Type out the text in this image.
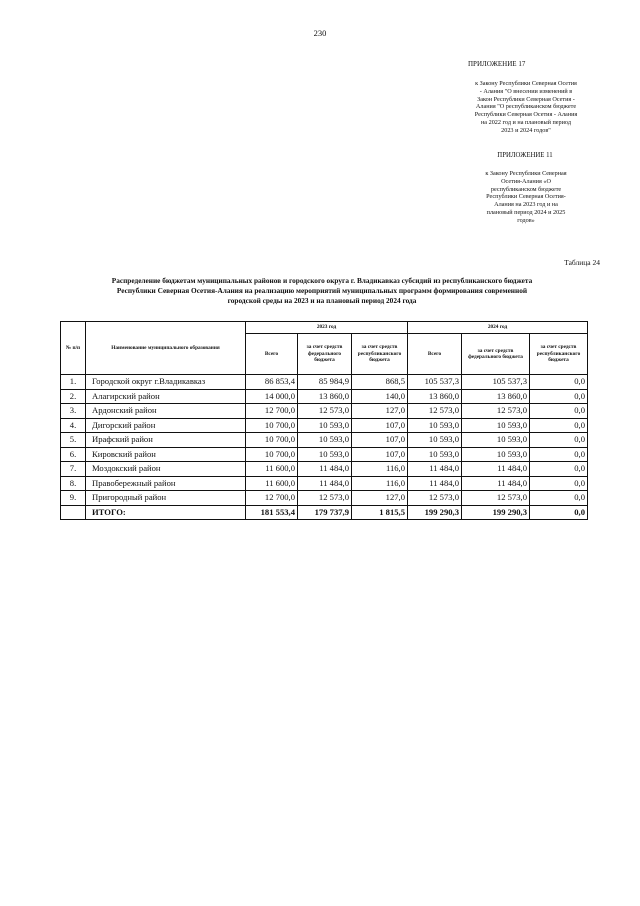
230
ПРИЛОЖЕНИЕ 17
к Закону Республики Северная Осетия
- Алания "О внесении изменений в
Закон Республики Северная Осетия -
Алания "О республиканском бюджете
Республики Северная Осетия - Алания
на 2022 год и на плановый период
2023 и 2024 годов"
ПРИЛОЖЕНИЕ 11
к Закону Республики Северная
Осетия-Алания «О
республиканском бюджете
Республики Северная Осетия-
Алания на 2023 год и на
плановый период 2024 и 2025
годов»
Таблица 24
Распределение бюджетам муниципальных районов и городского округа г. Владикавказ субсидий из республиканского бюджета
Республики Северная Осетия-Алания на реализацию мероприятий муниципальных программ формирования современной
городской среды на 2023 и на плановый период 2024 года
№ п/п	Наименование муниципального образования	2023 год			2024 год		
		Всего	за счет средств федерального бюджета	за счет средств республиканского бюджета	Всего	за счет средств федерального бюджета	за счет средств республиканского бюджета
1.	Городской округ г.Владикавказ	86 853,4	85 984,9	868,5	105 537,3	105 537,3	0,0
2.	Алагирский район	14 000,0	13 860,0	140,0	13 860,0	13 860,0	0,0
3.	Ардонский район	12 700,0	12 573,0	127,0	12 573,0	12 573,0	0,0
4.	Дигорский район	10 700,0	10 593,0	107,0	10 593,0	10 593,0	0,0
5.	Ирафский район	10 700,0	10 593,0	107,0	10 593,0	10 593,0	0,0
6.	Кировский район	10 700,0	10 593,0	107,0	10 593,0	10 593,0	0,0
7.	Моздокский район	11 600,0	11 484,0	116,0	11 484,0	11 484,0	0,0
8.	Правобережный район	11 600,0	11 484,0	116,0	11 484,0	11 484,0	0,0
9.	Пригородный район	12 700,0	12 573,0	127,0	12 573,0	12 573,0	0,0
	ИТОГО:	181 553,4	179 737,9	1 815,5	199 290,3	199 290,3	0,0
